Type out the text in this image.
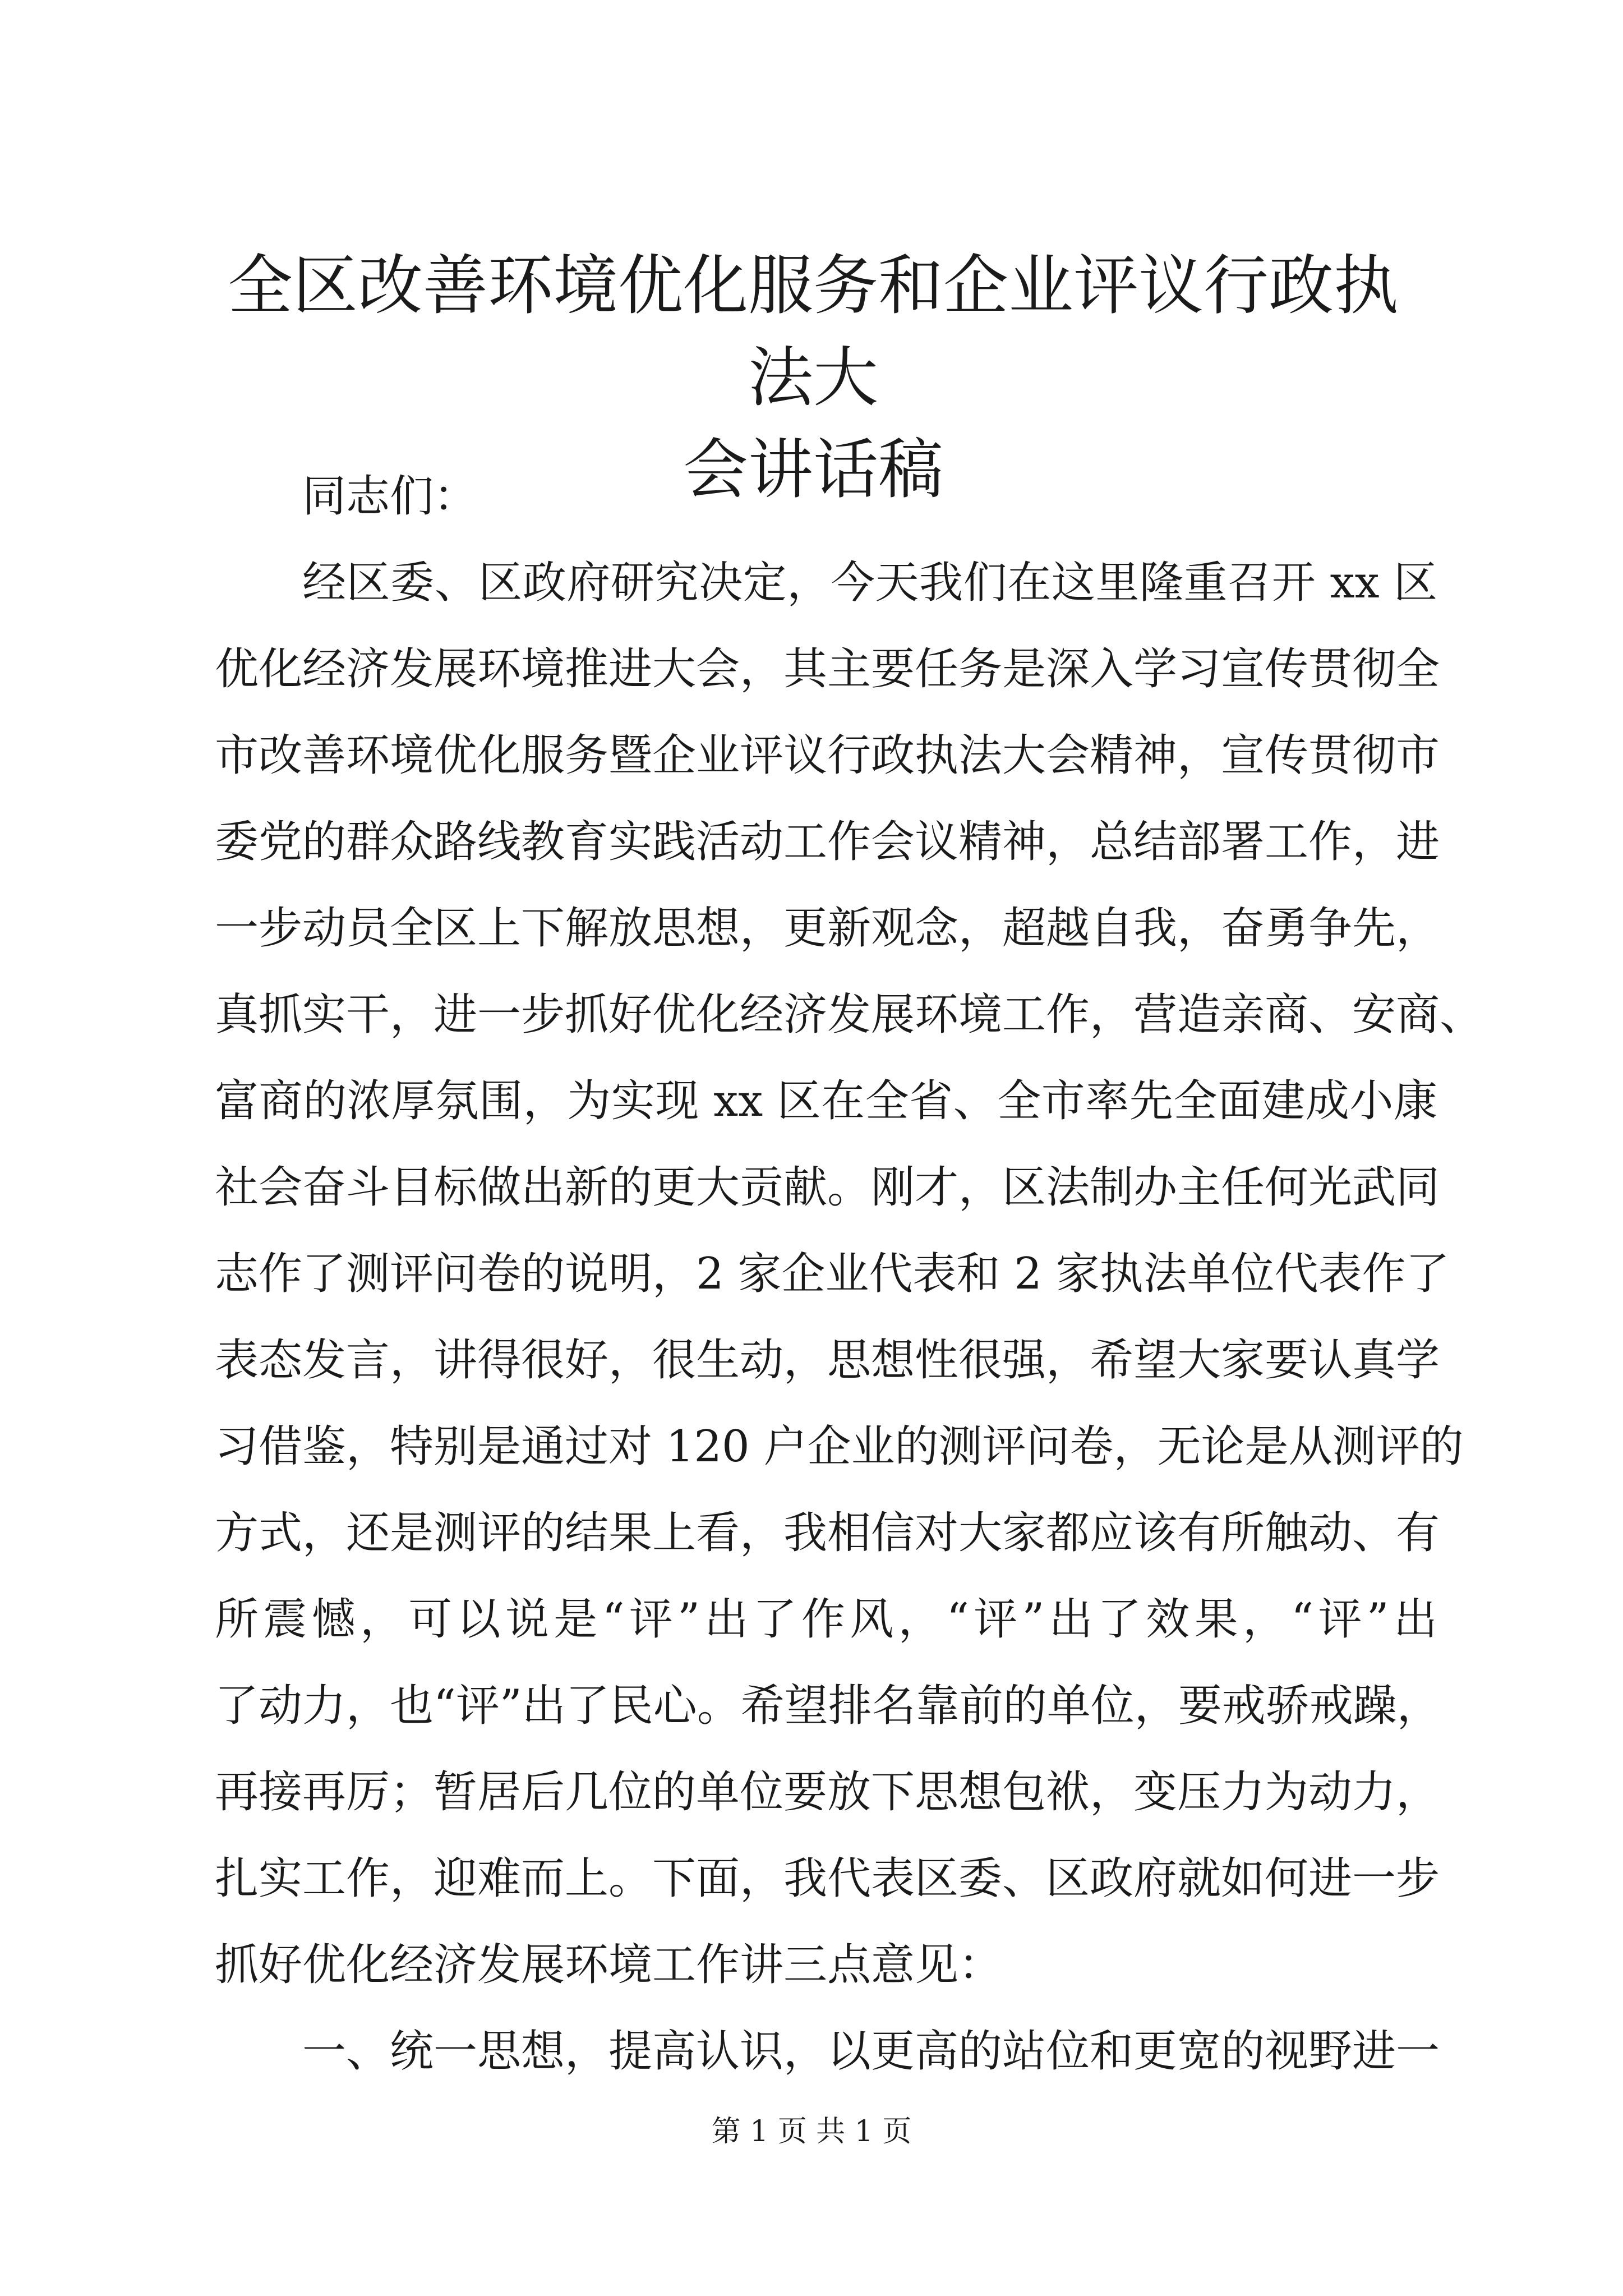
全区改善环境优化服务和企业评议行政执法大
会讲话稿
同志们：
经区委、区政府研究决定，今天我们在这里隆重召开 xx 区
优化经济发展环境推进大会，其主要任务是深入学习宣传贯彻全
市改善环境优化服务暨企业评议行政执法大会精神，宣传贯彻市
委党的群众路线教育实践活动工作会议精神，总结部署工作，进
一步动员全区上下解放思想，更新观念，超越自我，奋勇争先，
真抓实干，进一步抓好优化经济发展环境工作，营造亲商、安商、
富商的浓厚氛围，为实现 xx 区在全省、全市率先全面建成小康
社会奋斗目标做出新的更大贡献。刚才，区法制办主任何光武同
志作了测评问卷的说明，2 家企业代表和 2 家执法单位代表作了
表态发言，讲得很好，很生动，思想性很强，希望大家要认真学
习借鉴，特别是通过对 120 户企业的测评问卷，无论是从测评的
方式，还是测评的结果上看，我相信对大家都应该有所触动、有
所震憾，可以说是“评”出了作风，“评”出了效果，“评”出
了动力，也“评”出了民心。希望排名靠前的单位，要戒骄戒躁，
再接再厉；暂居后几位的单位要放下思想包袱，变压力为动力，
扎实工作，迎难而上。下面，我代表区委、区政府就如何进一步
抓好优化经济发展环境工作讲三点意见：
一、统一思想，提高认识，以更高的站位和更宽的视野进一
第 1 页 共 1 页
